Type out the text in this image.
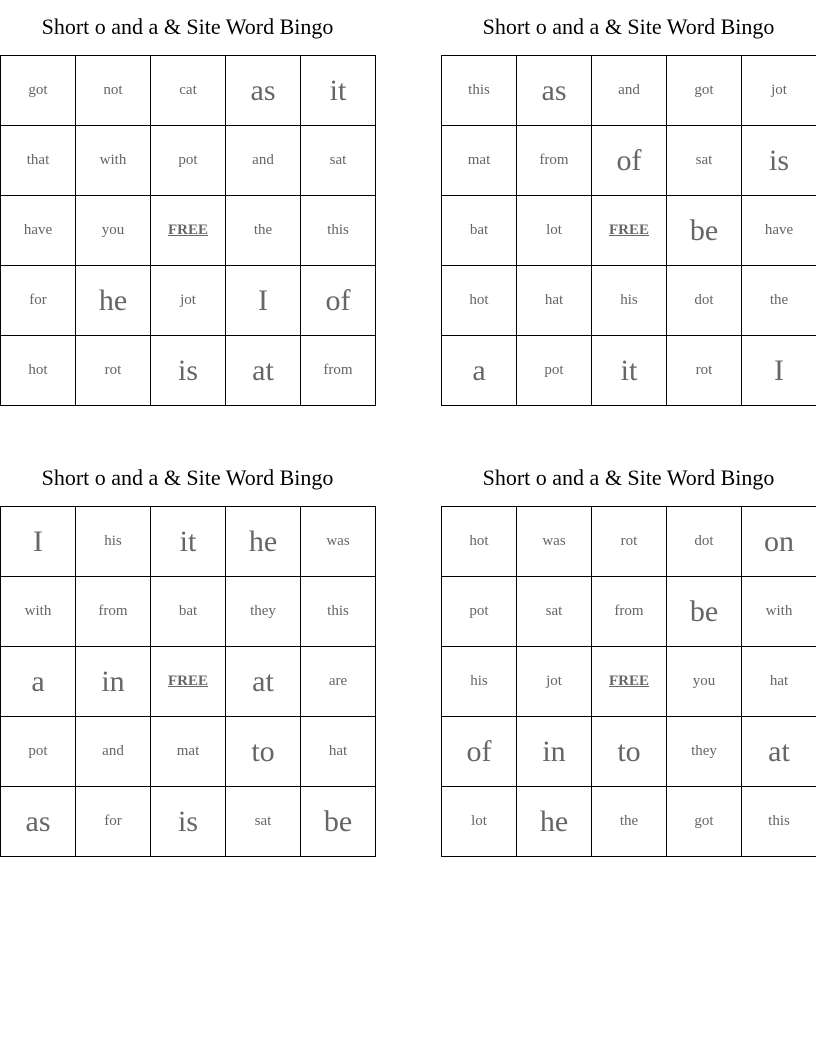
Short o and a & Site Word Bingo
got	not	cat	as	it
that	with	pot	and	sat
have	you	FREE	the	this
for	he	jot	I	of
hot	rot	is	at	from
Short o and a & Site Word Bingo
this	as	and	got	jot
mat	from	of	sat	is
bat	lot	FREE	be	have
hot	hat	his	dot	the
a	pot	it	rot	I
Short o and a & Site Word Bingo
I	his	it	he	was
with	from	bat	they	this
a	in	FREE	at	are
pot	and	mat	to	hat
as	for	is	sat	be
Short o and a & Site Word Bingo
hot	was	rot	dot	on
pot	sat	from	be	with
his	jot	FREE	you	hat
of	in	to	they	at
lot	he	the	got	this
